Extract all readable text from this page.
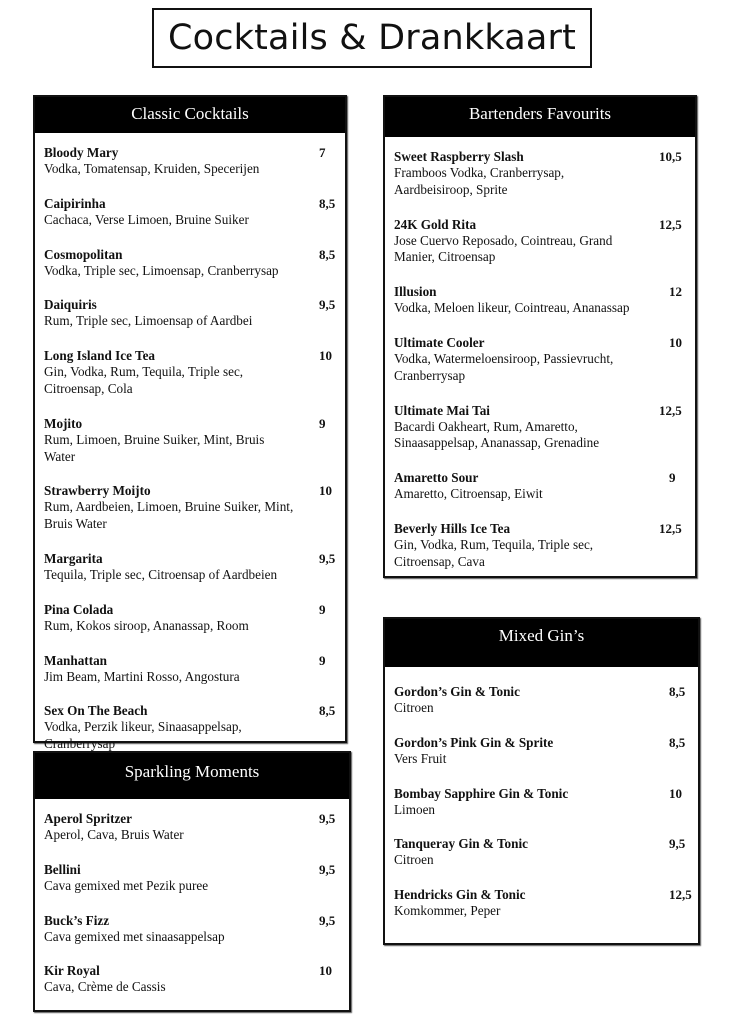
Cocktails & Drankkaart
Classic Cocktails
Bloody Mary
Vodka, Tomatensap, Kruiden, Specerijen
7
Caipirinha
Cachaca, Verse Limoen, Bruine Suiker
8,5
Cosmopolitan
Vodka, Triple sec, Limoensap, Cranberrysap
8,5
Daiquiris
Rum, Triple sec, Limoensap of Aardbei
9,5
Long Island Ice Tea
Gin, Vodka, Rum, Tequila, Triple sec, Citroensap, Cola
10
Mojito
Rum, Limoen, Bruine Suiker, Mint, Bruis Water
9
Strawberry Moijto
Rum, Aardbeien, Limoen, Bruine Suiker, Mint, Bruis Water
10
Margarita
Tequila, Triple sec, Citroensap of Aardbeien
9,5
Pina Colada
Rum, Kokos siroop, Ananassap, Room
9
Manhattan
Jim Beam, Martini Rosso, Angostura
9
Sex On The Beach
Vodka, Perzik likeur, Sinaasappelsap, Cranberrysap
8,5
Sparkling Moments
Aperol Spritzer
Aperol, Cava, Bruis Water
9,5
Bellini
Cava gemixed met Pezik puree
9,5
Buck’s Fizz
Cava gemixed met sinaasappelsap
9,5
Kir Royal
Cava, Crème de Cassis
10
Bartenders Favourits
Sweet Raspberry Slash
Framboos Vodka, Cranberrysap, Aardbeisiroop, Sprite
10,5
24K Gold Rita
Jose Cuervo Reposado, Cointreau, Grand Manier, Citroensap
12,5
Illusion
Vodka, Meloen likeur, Cointreau, Ananassap
12
Ultimate Cooler
Vodka, Watermeloensiroop, Passievrucht, Cranberrysap
10
Ultimate Mai Tai
Bacardi Oakheart, Rum, Amaretto, Sinaasappelsap, Ananassap, Grenadine
12,5
Amaretto Sour
Amaretto, Citroensap, Eiwit
9
Beverly Hills Ice Tea
Gin, Vodka, Rum, Tequila, Triple sec, Citroensap, Cava
12,5
Mixed Gin’s
Gordon’s Gin & Tonic
Citroen
8,5
Gordon’s Pink Gin & Sprite
Vers Fruit
8,5
Bombay Sapphire Gin & Tonic
Limoen
10
Tanqueray Gin & Tonic
Citroen
9,5
Hendricks Gin & Tonic
Komkommer, Peper
12,5
